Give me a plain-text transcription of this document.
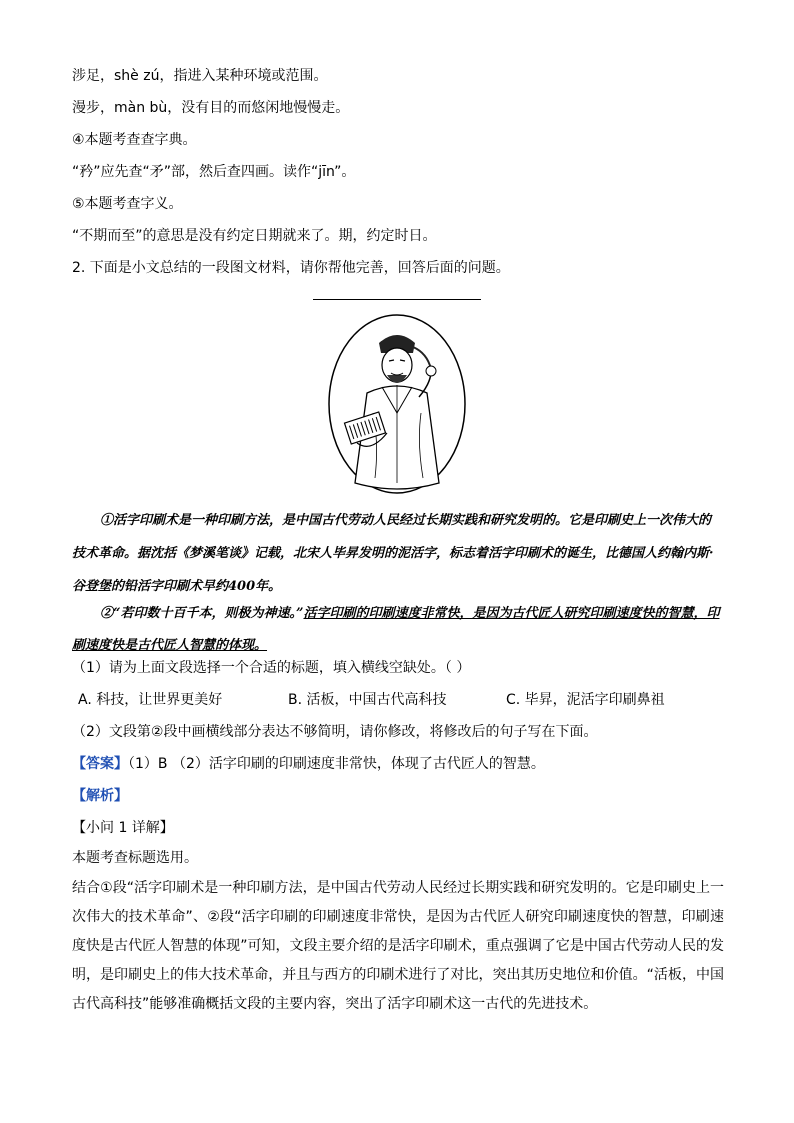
涉足，shè zú，指进入某种环境或范围。
漫步，màn bù，没有目的而悠闲地慢慢走。
④本题考查查字典。
“矜”应先查“矛”部，然后查四画。读作“jīn”。
⑤本题考查字义。
“不期而至”的意思是没有约定日期就来了。期，约定时日。
2. 下面是小文总结的一段图文材料，请你帮他完善，回答后面的问题。
①活字印刷术是一种印刷方法，是中国古代劳动人民经过长期实践和研究发明的。它是印刷史上一次伟大的技术革命。据沈括《梦溪笔谈》记载，北宋人毕昇发明的泥活字，标志着活字印刷术的诞生，比德国人约翰内斯·谷登堡的铅活字印刷术早约400年。
②“若印数十百千本，则极为神速。”活字印刷的印刷速度非常快，是因为古代匠人研究印刷速度快的智慧，印刷速度快是古代匠人智慧的体现。
（1）请为上面文段选择一个合适的标题，填入横线空缺处。（ ）
A. 科技，让世界更美好	B. 活板，中国古代高科技	C. 毕昇，泥活字印刷鼻祖
（2）文段第②段中画横线部分表达不够简明，请你修改，将修改后的句子写在下面。
【答案】（1）B （2）活字印刷的印刷速度非常快，体现了古代匠人的智慧。
【解析】
【小问 1 详解】
本题考查标题选用。
结合①段“活字印刷术是一种印刷方法，是中国古代劳动人民经过长期实践和研究发明的。它是印刷史上一次伟大的技术革命”、②段“活字印刷的印刷速度非常快，是因为古代匠人研究印刷速度快的智慧，印刷速度快是古代匠人智慧的体现”可知，文段主要介绍的是活字印刷术，重点强调了它是中国古代劳动人民的发明，是印刷史上的伟大技术革命，并且与西方的印刷术进行了对比，突出其历史地位和价值。“活板，中国古代高科技”能够准确概括文段的主要内容，突出了活字印刷术这一古代的先进技术。
